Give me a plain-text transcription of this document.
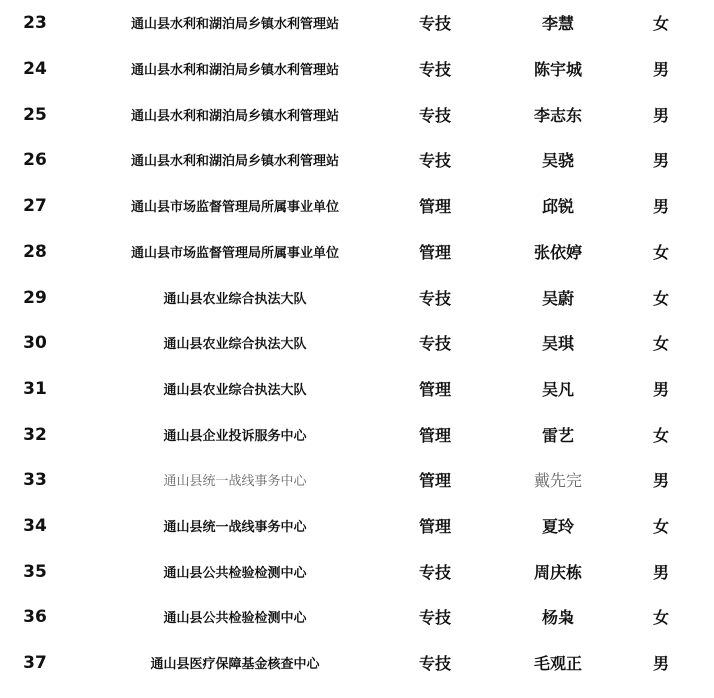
23	通山县水利和湖泊局乡镇水利管理站	专技	李慧	女
24	通山县水利和湖泊局乡镇水利管理站	专技	陈宇城	男
25	通山县水利和湖泊局乡镇水利管理站	专技	李志东	男
26	通山县水利和湖泊局乡镇水利管理站	专技	吴骁	男
27	通山县市场监督管理局所属事业单位	管理	邱锐	男
28	通山县市场监督管理局所属事业单位	管理	张依婷	女
29	通山县农业综合执法大队	专技	吴蔚	女
30	通山县农业综合执法大队	专技	吴琪	女
31	通山县农业综合执法大队	管理	吴凡	男
32	通山县企业投诉服务中心	管理	雷艺	女
33	通山县统一战线事务中心	管理	戴先完	男
34	通山县统一战线事务中心	管理	夏玲	女
35	通山县公共检验检测中心	专技	周庆栋	男
36	通山县公共检验检测中心	专技	杨枭	女
37	通山县医疗保障基金核查中心	专技	毛观正	男
